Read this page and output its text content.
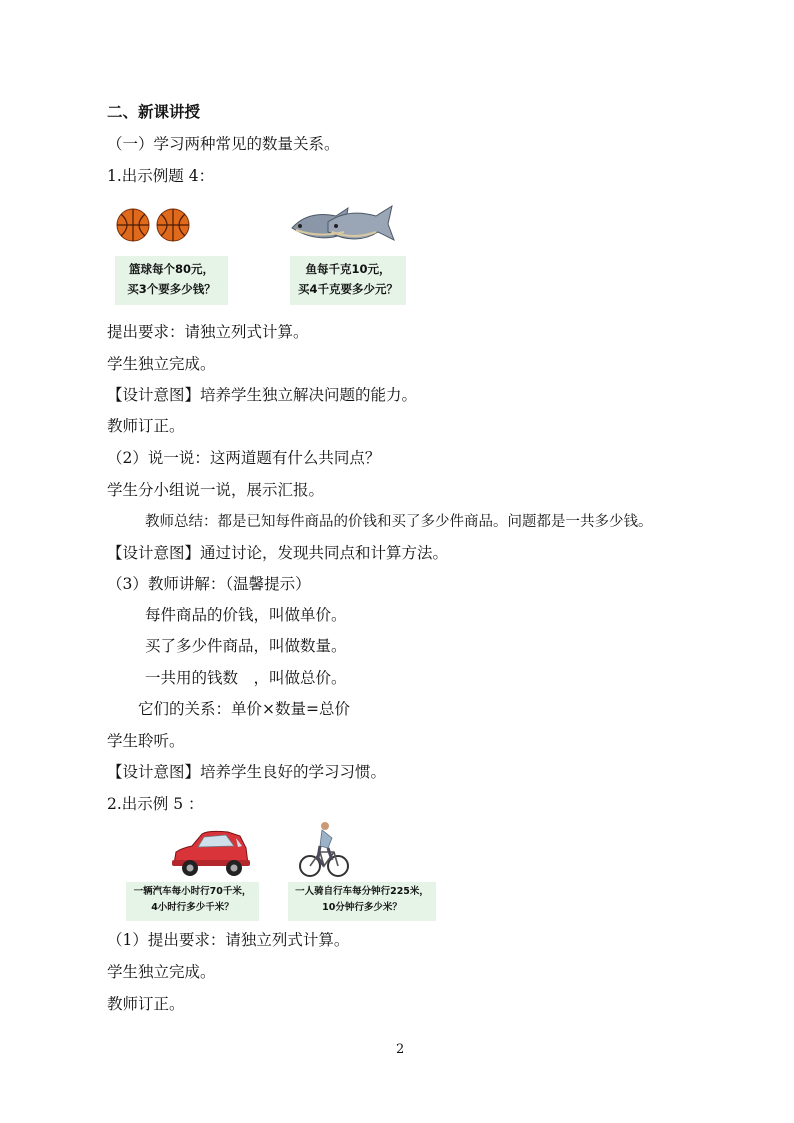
二、新课讲授
（一）学习两种常见的数量关系。
1.出示例题 4：
篮球每个80元，
买3个要多少钱？
鱼每千克10元，
买4千克要多少元？
提出要求：请独立列式计算。
学生独立完成。
【设计意图】培养学生独立解决问题的能力。
教师订正。
（2）说一说：这两道题有什么共同点？
学生分小组说一说，展示汇报。
教师总结：都是已知每件商品的价钱和买了多少件商品。问题都是一共多少钱。
【设计意图】通过讨论，发现共同点和计算方法。
（3）教师讲解：（温馨提示）
每件商品的价钱，叫做单价。
买了多少件商品，叫做数量。
一共用的钱数　，叫做总价。
它们的关系：单价×数量=总价
学生聆听。
【设计意图】培养学生良好的学习习惯。
2.出示例 5 ：
一辆汽车每小时行70千米，
4小时行多少千米？
一人骑自行车每分钟行225米，
10分钟行多少米？
（1）提出要求：请独立列式计算。
学生独立完成。
教师订正。
2
